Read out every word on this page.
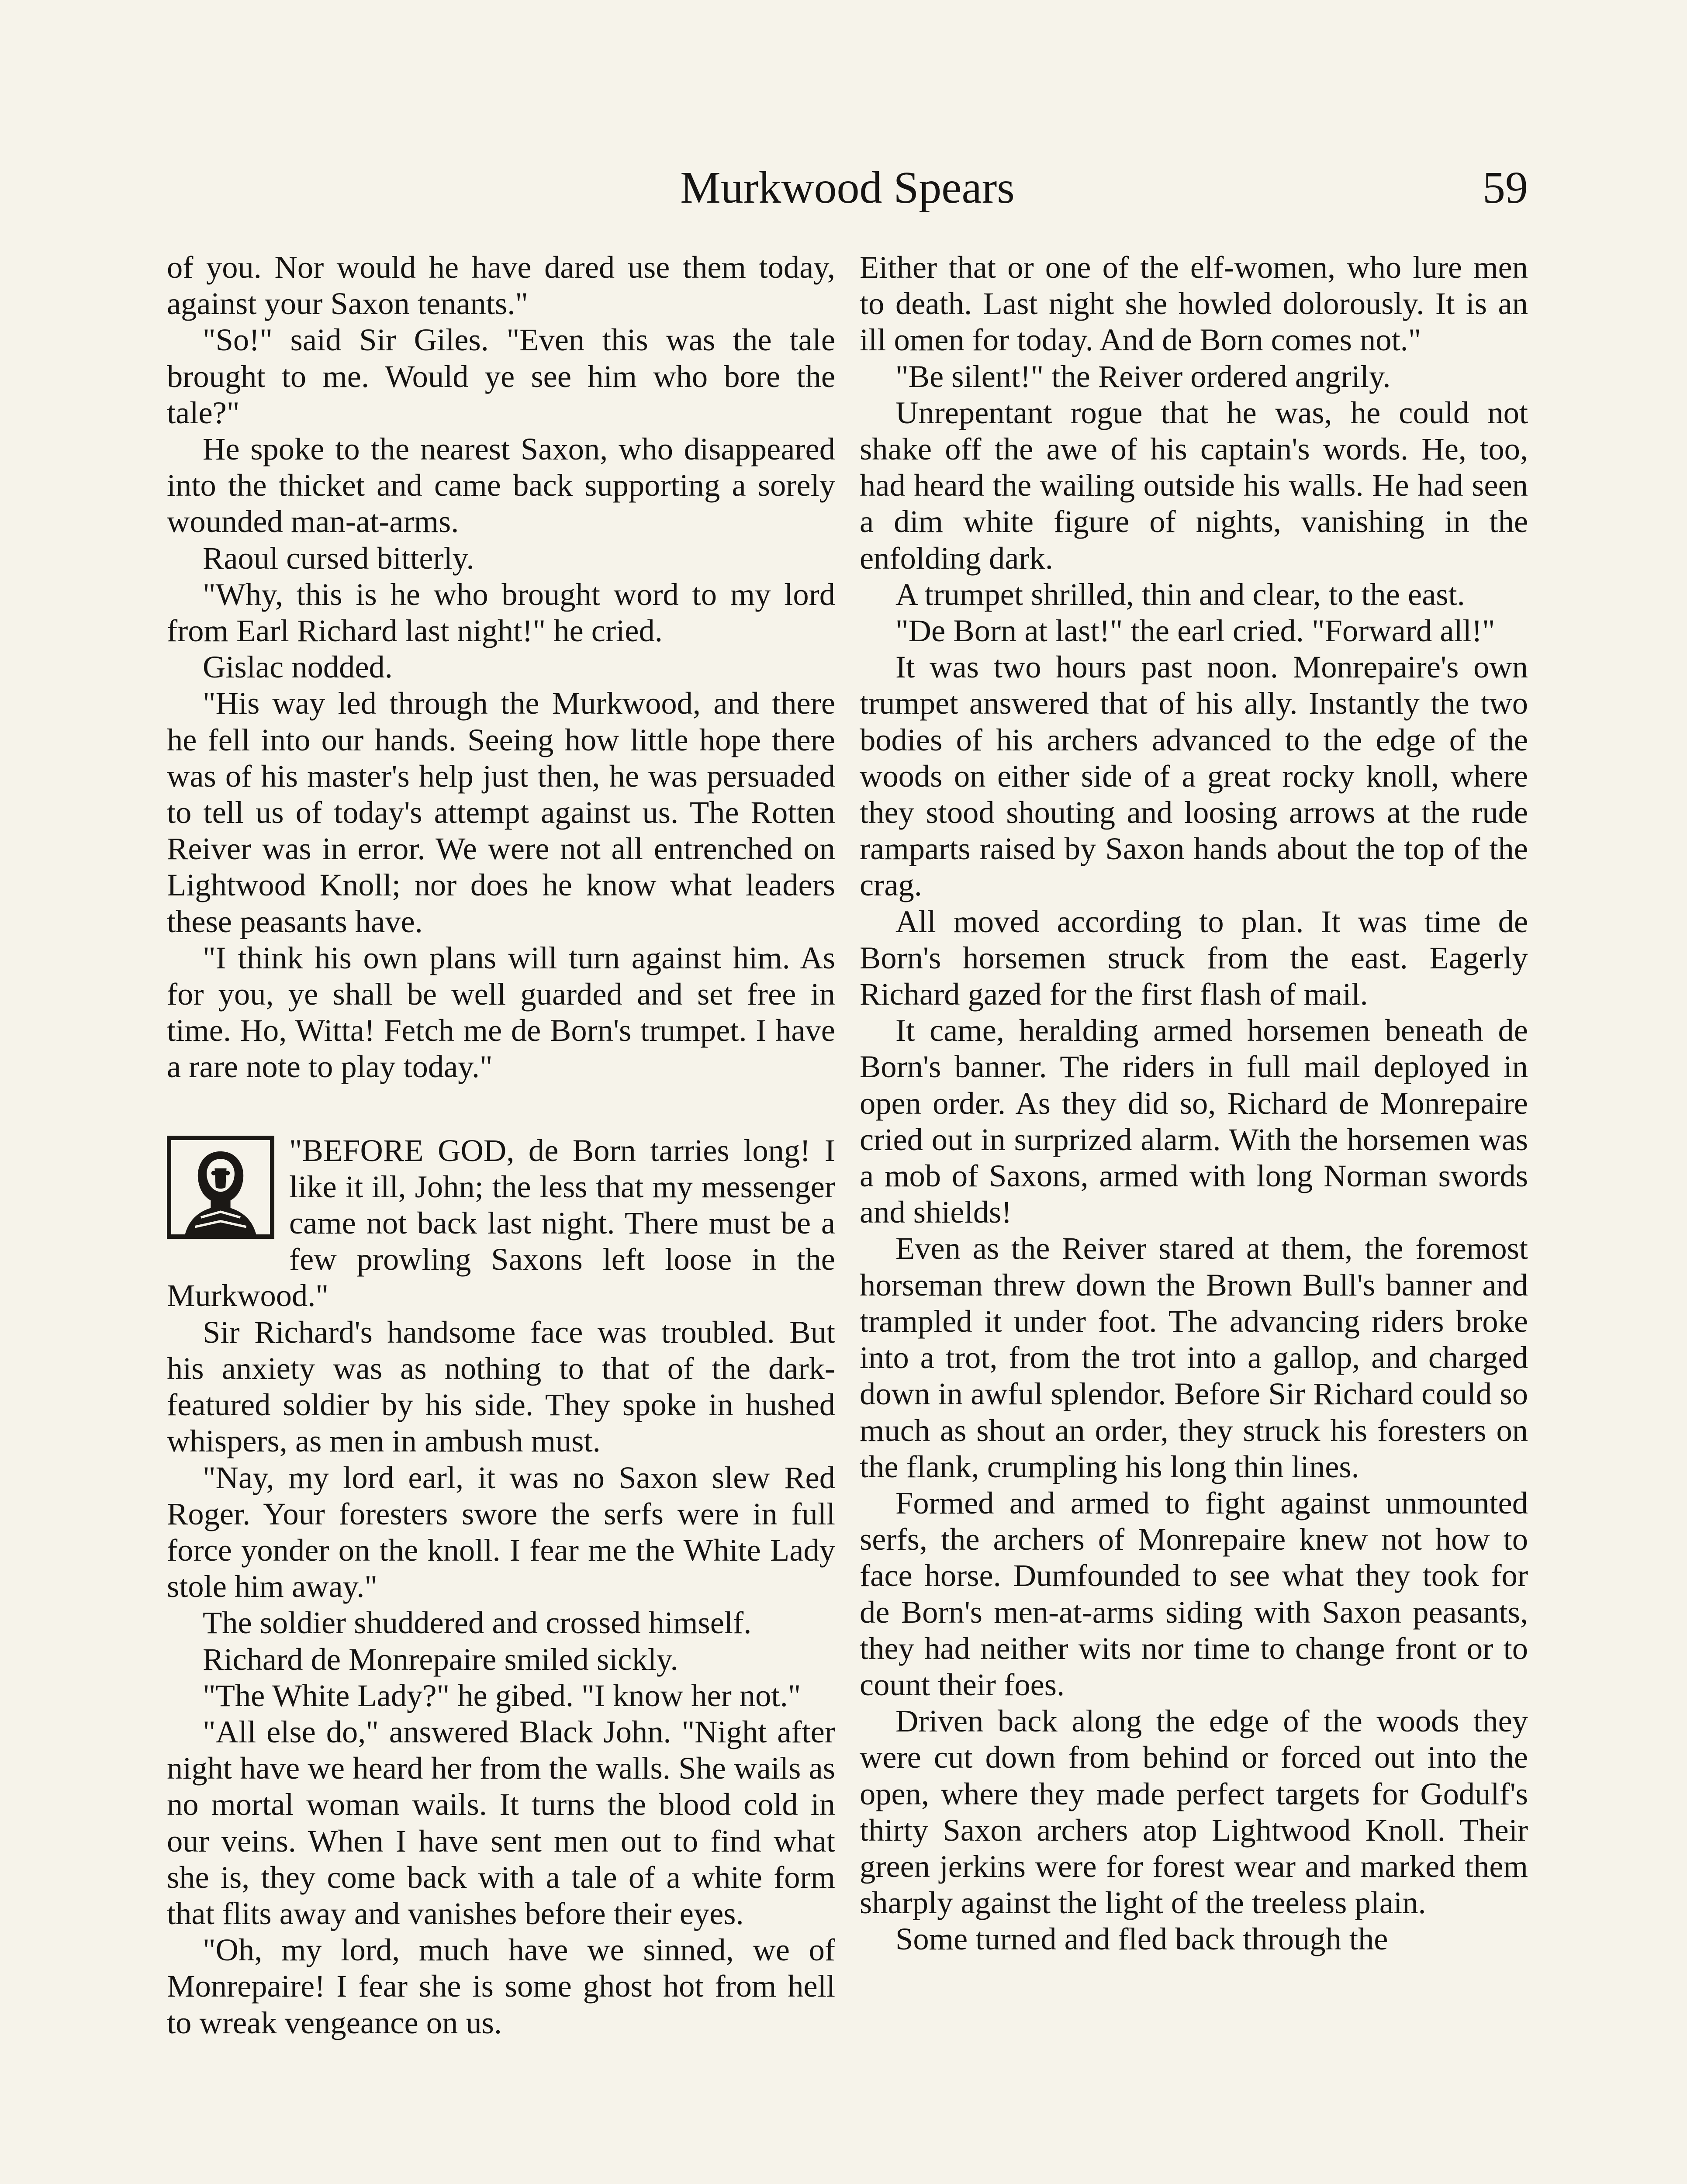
Murkwood Spears	59

of you. Nor would he have dared use them today, against your Saxon tenants."

"So!" said Sir Giles. "Even this was the tale brought to me. Would ye see him who bore the tale?"

He spoke to the nearest Saxon, who disappeared into the thicket and came back supporting a sorely wounded man-at-arms.

Raoul cursed bitterly.

"Why, this is he who brought word to my lord from Earl Richard last night!" he cried.

Gislac nodded.

"His way led through the Murkwood, and there he fell into our hands. Seeing how little hope there was of his master's help just then, he was persuaded to tell us of today's attempt against us. The Rotten Reiver was in error. We were not all entrenched on Lightwood Knoll; nor does he know what leaders these peasants have.

"I think his own plans will turn against him. As for you, ye shall be well guarded and set free in time. Ho, Witta! Fetch me de Born's trumpet. I have a rare note to play today."

"BEFORE GOD, de Born tarries long! I like it ill, John; the less that my messenger came not back last night. There must be a few prowling Saxons left loose in the Murkwood."

Sir Richard's handsome face was troubled. But his anxiety was as nothing to that of the dark-featured soldier by his side. They spoke in hushed whispers, as men in ambush must.

"Nay, my lord earl, it was no Saxon slew Red Roger. Your foresters swore the serfs were in full force yonder on the knoll. I fear me the White Lady stole him away."

The soldier shuddered and crossed himself.

Richard de Monrepaire smiled sickly.

"The White Lady?" he gibed. "I know her not."

"All else do," answered Black John. "Night after night have we heard her from the walls. She wails as no mortal woman wails. It turns the blood cold in our veins. When I have sent men out to find what she is, they come back with a tale of a white form that flits away and vanishes before their eyes.

"Oh, my lord, much have we sinned, we of Monrepaire! I fear she is some ghost hot from hell to wreak vengeance on us.

Either that or one of the elf-women, who lure men to death. Last night she howled dolorously. It is an ill omen for today. And de Born comes not."

"Be silent!" the Reiver ordered angrily.

Unrepentant rogue that he was, he could not shake off the awe of his captain's words. He, too, had heard the wailing outside his walls. He had seen a dim white figure of nights, vanishing in the enfolding dark.

A trumpet shrilled, thin and clear, to the east.

"De Born at last!" the earl cried. "Forward all!"

It was two hours past noon. Monrepaire's own trumpet answered that of his ally. Instantly the two bodies of his archers advanced to the edge of the woods on either side of a great rocky knoll, where they stood shouting and loosing arrows at the rude ramparts raised by Saxon hands about the top of the crag.

All moved according to plan. It was time de Born's horsemen struck from the east. Eagerly Richard gazed for the first flash of mail.

It came, heralding armed horsemen beneath de Born's banner. The riders in full mail deployed in open order. As they did so, Richard de Monrepaire cried out in surprized alarm. With the horsemen was a mob of Saxons, armed with long Norman swords and shields!

Even as the Reiver stared at them, the foremost horseman threw down the Brown Bull's banner and trampled it under foot. The advancing riders broke into a trot, from the trot into a gallop, and charged down in awful splendor. Before Sir Richard could so much as shout an order, they struck his foresters on the flank, crumpling his long thin lines.

Formed and armed to fight against unmounted serfs, the archers of Monrepaire knew not how to face horse. Dumfounded to see what they took for de Born's men-at-arms siding with Saxon peasants, they had neither wits nor time to change front or to count their foes.

Driven back along the edge of the woods they were cut down from behind or forced out into the open, where they made perfect targets for Godulf's thirty Saxon archers atop Lightwood Knoll. Their green jerkins were for forest wear and marked them sharply against the light of the treeless plain.

Some turned and fled back through the
